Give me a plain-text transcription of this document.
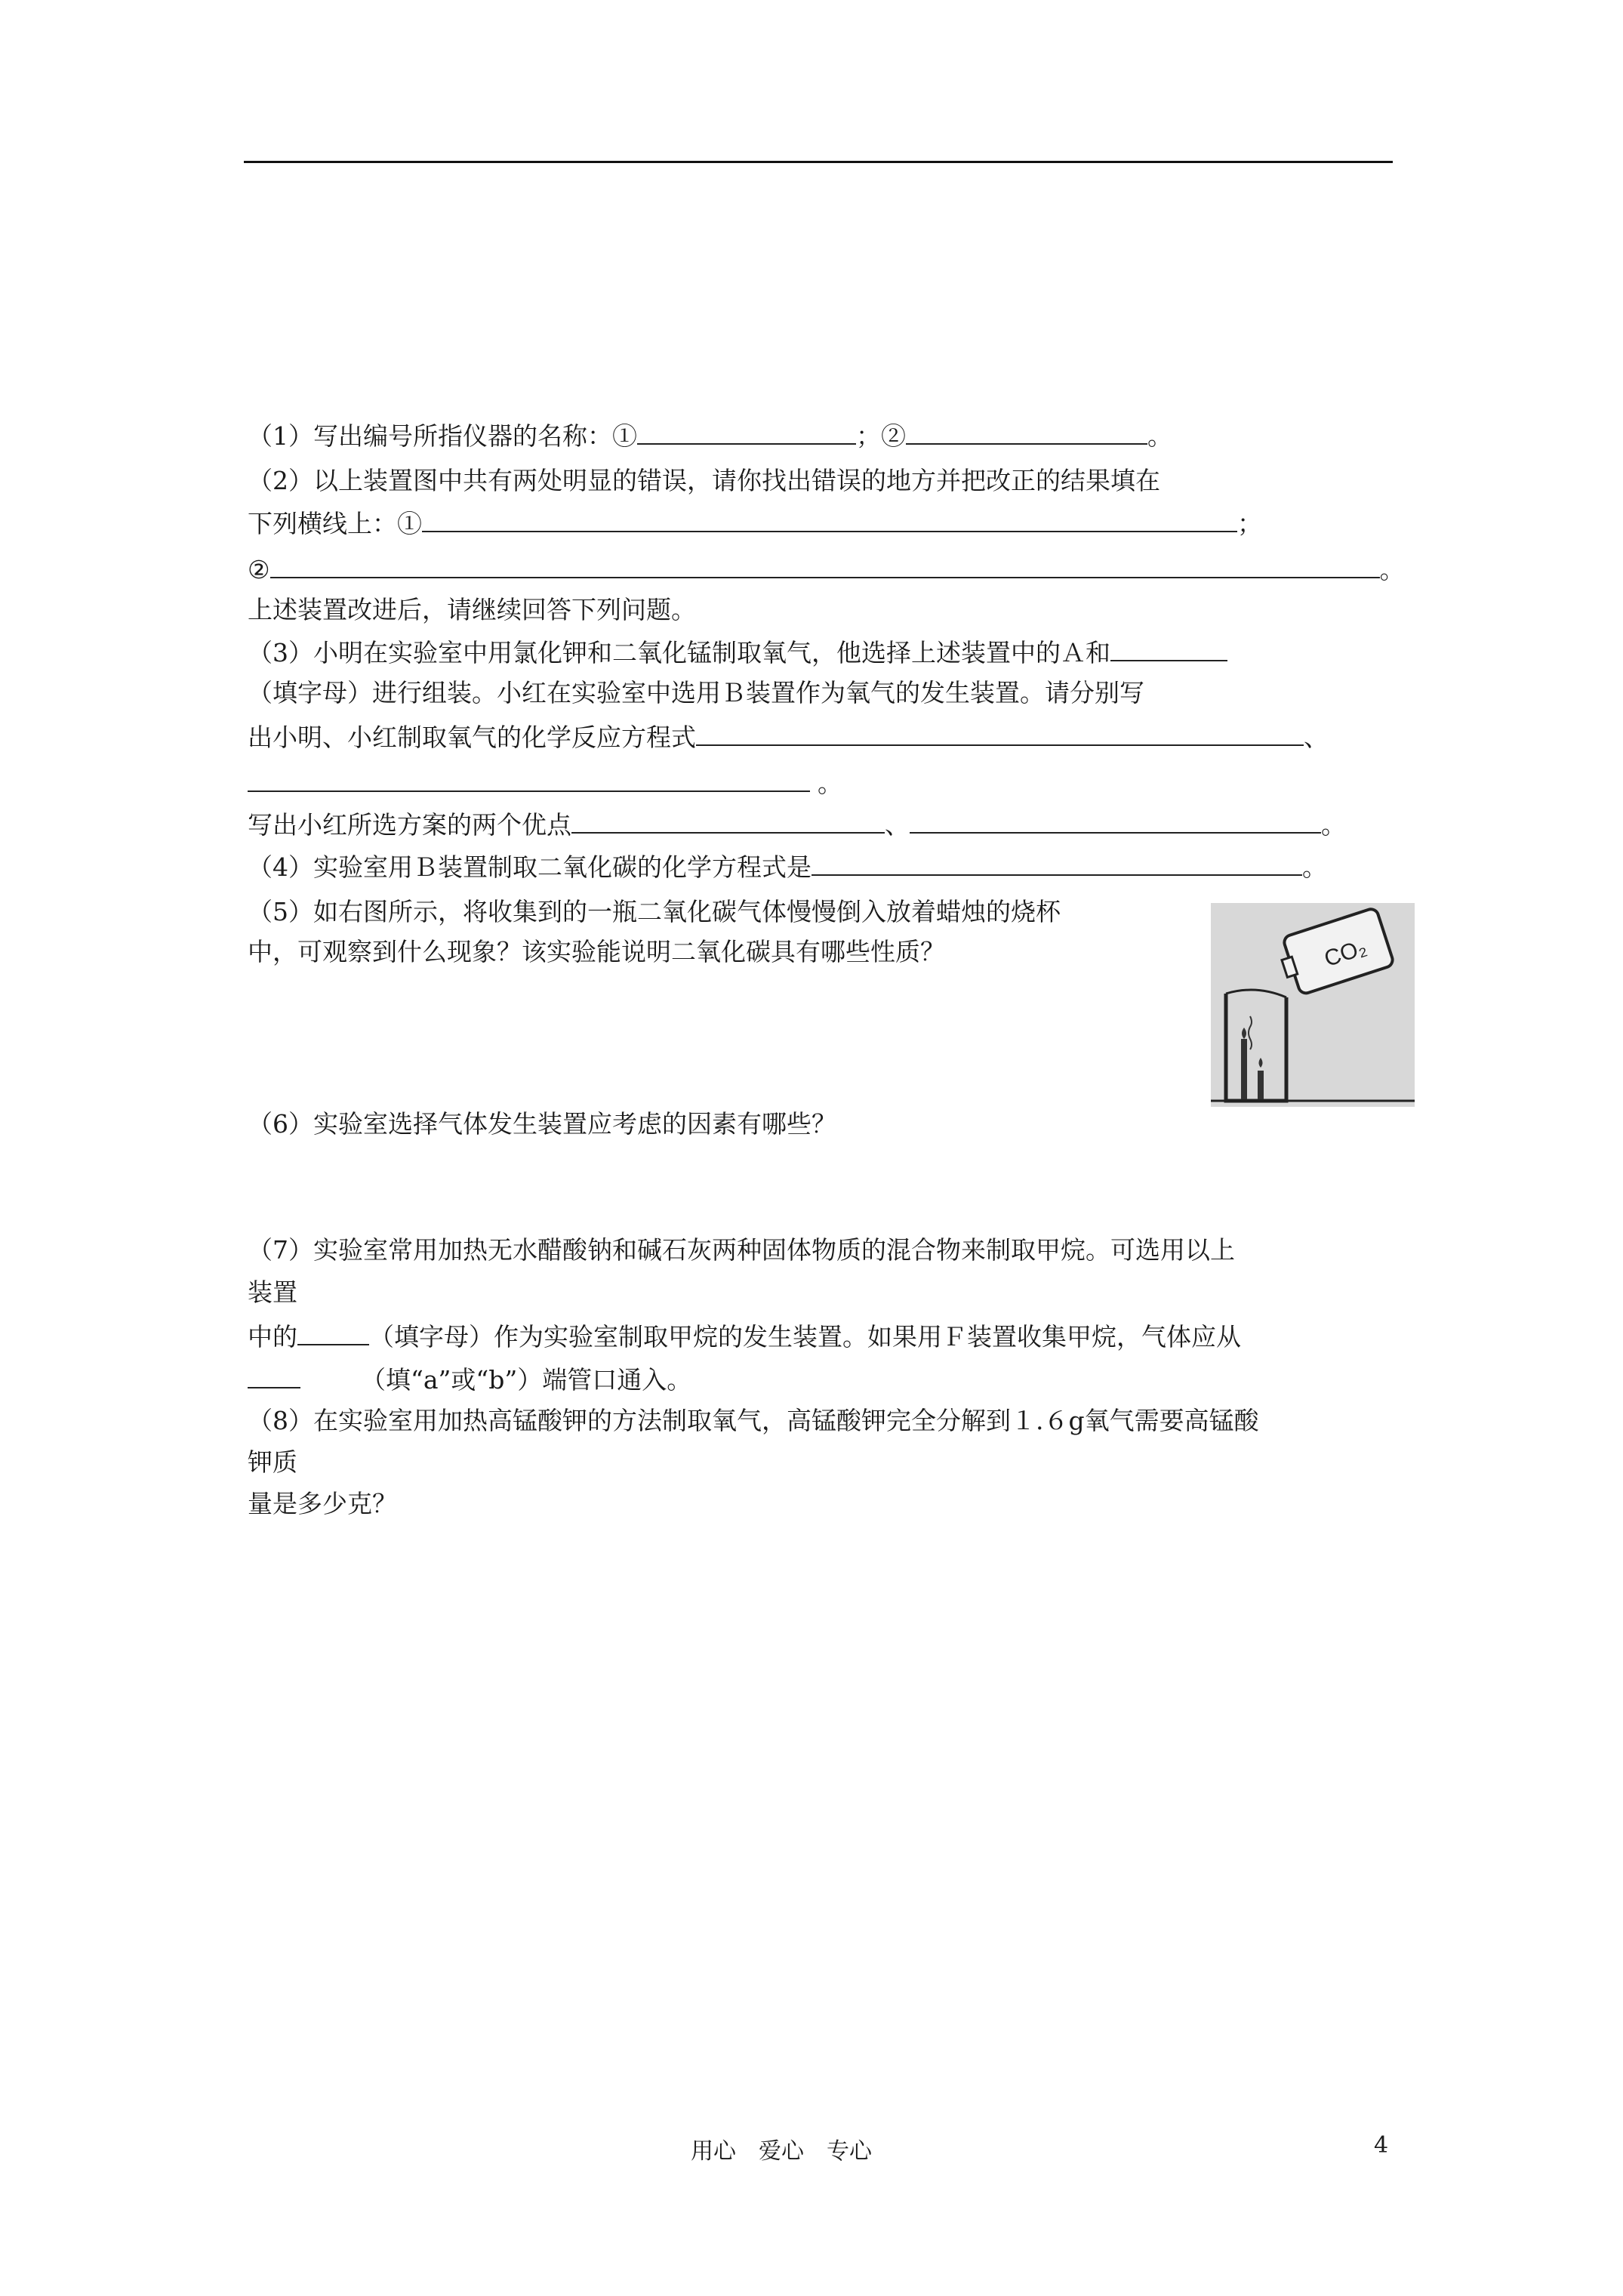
（1）写出编号所指仪器的名称：①	；②	。
（2）以上装置图中共有两处明显的错误，请你找出错误的地方并把改正的结果填在
下列横线上：①	；
②	。
上述装置改进后，请继续回答下列问题。
（3）小明在实验室中用氯化钾和二氧化锰制取氧气，他选择上述装置中的Ａ和
（填字母）进行组装。小红在实验室中选用Ｂ装置作为氧气的发生装置。请分别写
出小明、小红制取氧气的化学反应方程式	、
。
写出小红所选方案的两个优点	、	。
（4）实验室用Ｂ装置制取二氧化碳的化学方程式是	。
（5）如右图所示，将收集到的一瓶二氧化碳气体慢慢倒入放着蜡烛的烧杯
中，可观察到什么现象？该实验能说明二氧化碳具有哪些性质？	CO₂
（6）实验室选择气体发生装置应考虑的因素有哪些？
（7）实验室常用加热无水醋酸钠和碱石灰两种固体物质的混合物来制取甲烷。可选用以上
装置
中的	（填字母）作为实验室制取甲烷的发生装置。如果用Ｆ装置收集甲烷，气体应从
（填“a”或“b”）端管口通入。
（8）在实验室用加热高锰酸钾的方法制取氧气，高锰酸钾完全分解到１.６g氧气需要高锰酸
钾质
量是多少克？
用心　爱心　专心	4
